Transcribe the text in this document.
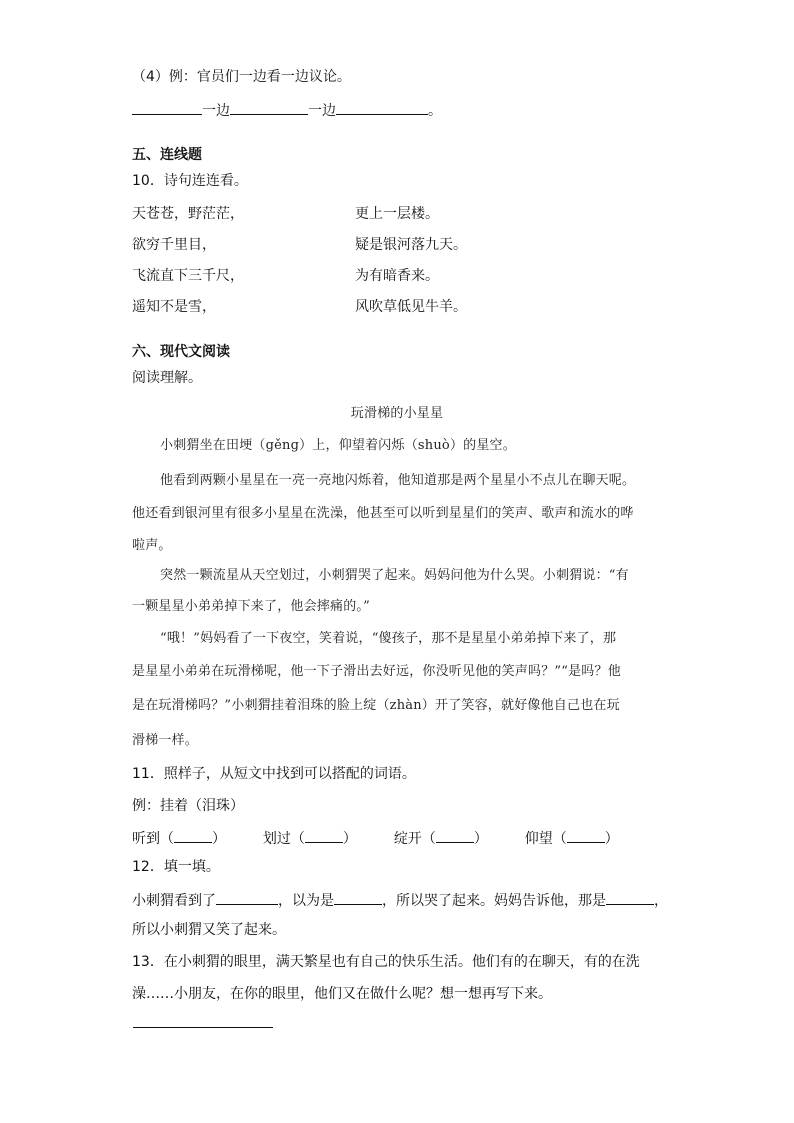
（4）例：官员们一边看一边议论。
一边	一边	。
五、连线题
10．诗句连连看。
天苍苍，野茫茫，	更上一层楼。
欲穷千里目，	疑是银河落九天。
飞流直下三千尺，	为有暗香来。
遥知不是雪，	风吹草低见牛羊。
六、现代文阅读
阅读理解。
玩滑梯的小星星
小刺猬坐在田埂（gěng）上，仰望着闪烁（shuò）的星空。
他看到两颗小星星在一亮一亮地闪烁着，他知道那是两个星星小不点儿在聊天呢。
他还看到银河里有很多小星星在洗澡，他甚至可以听到星星们的笑声、歌声和流水的哗
啦声。
突然一颗流星从天空划过，小刺猬哭了起来。妈妈问他为什么哭。小刺猬说：“有
一颗星星小弟弟掉下来了，他会摔痛的。”
“哦！”妈妈看了一下夜空，笑着说，“傻孩子，那不是星星小弟弟掉下来了，那
是星星小弟弟在玩滑梯呢，他一下子滑出去好远，你没听见他的笑声吗？”“是吗？他
是在玩滑梯吗？”小刺猬挂着泪珠的脸上绽（zhàn）开了笑容，就好像他自己也在玩
滑梯一样。
11．照样子，从短文中找到可以搭配的词语。
例：挂着（泪珠）
听到（	）	划过（	）	绽开（	）	仰望（	）
12．填一填。
小刺猬看到了	，以为是	，所以哭了起来。妈妈告诉他，那是	，
所以小刺猬又笑了起来。
13．在小刺猬的眼里，满天繁星也有自己的快乐生活。他们有的在聊天，有的在洗
澡……小朋友，在你的眼里，他们又在做什么呢？想一想再写下来。
